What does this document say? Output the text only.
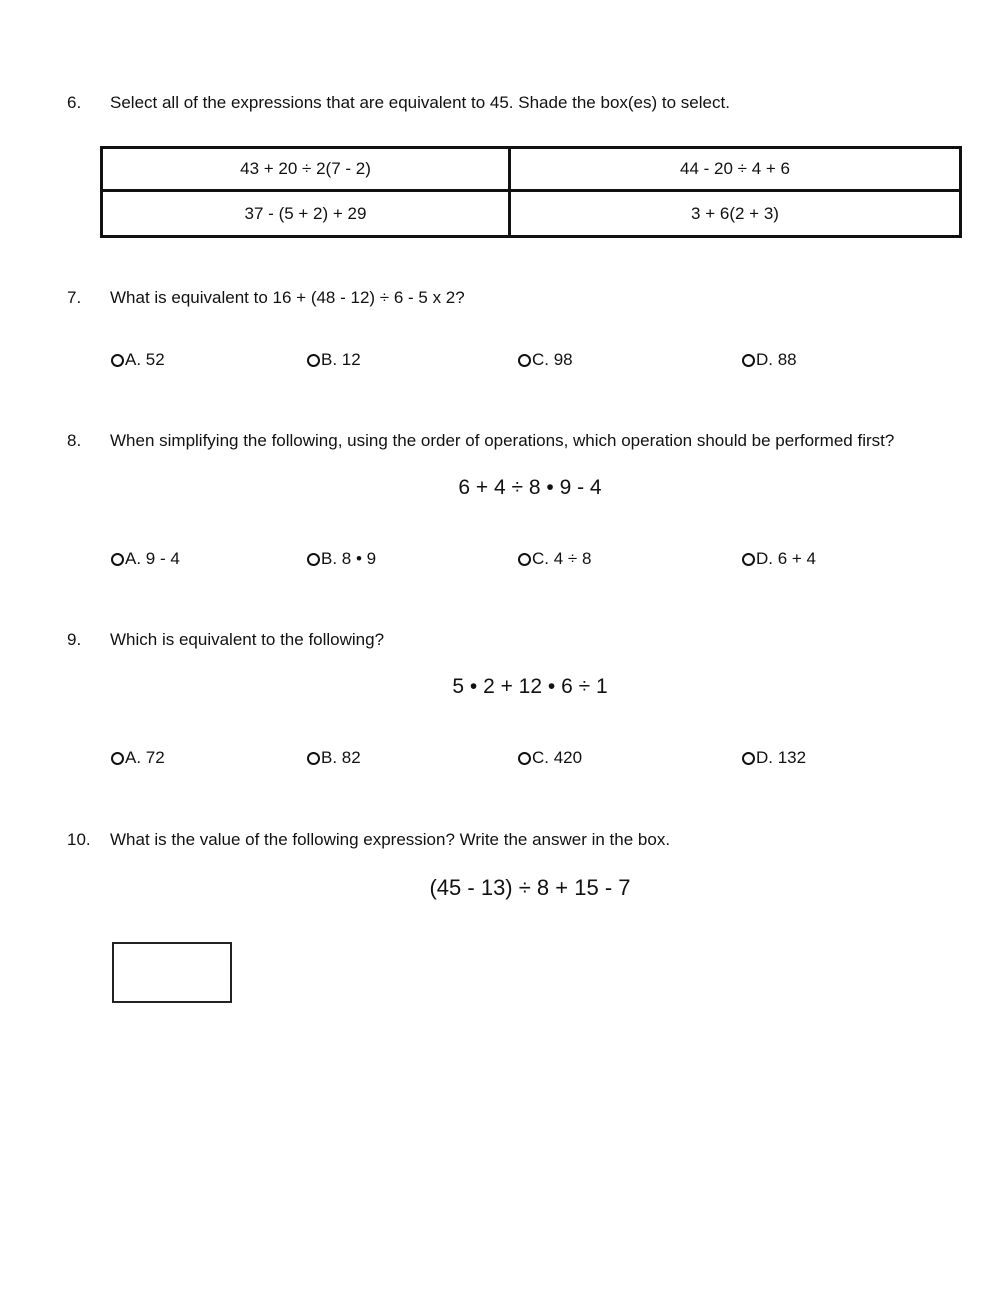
6. Select all of the expressions that are equivalent to 45. Shade the box(es) to select.
43 + 20 ÷ 2(7 - 2)	44 - 20 ÷ 4 + 6
37 - (5 + 2) + 29	3 + 6(2 + 3)
7. What is equivalent to 16 + (48 - 12) ÷ 6 - 5 x 2?
A. 52	B. 12	C. 98	D. 88
8. When simplifying the following, using the order of operations, which operation should be performed first?
6 + 4 ÷ 8 • 9 - 4
A. 9 - 4	B. 8 • 9	C. 4 ÷ 8	D. 6 + 4
9. Which is equivalent to the following?
5 • 2 + 12 • 6 ÷ 1
A. 72	B. 82	C. 420	D. 132
10. What is the value of the following expression? Write the answer in the box.
(45 - 13) ÷ 8 + 15 - 7
